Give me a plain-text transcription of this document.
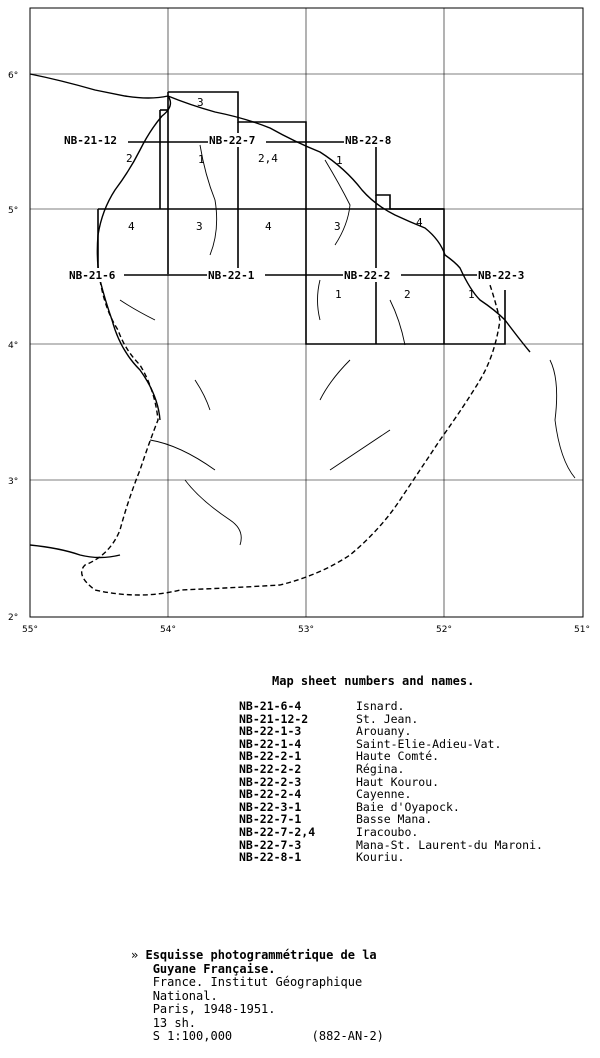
6°
5°
4°
3°
2°
55°	54°	53°	52°	51°
NB-21-12	NB-22-7	NB-22-8
NB-21-6	NB-22-1	NB-22-2	NB-22-3
3
2	1	2,4	1
4	3	4	3	4
1	2	1
Map sheet numbers and names.
NB-21-6-4	Isnard.
NB-21-12-2	St. Jean.
NB-22-1-3	Arouany.
NB-22-1-4	Saint-Elie-Adieu-Vat.
NB-22-2-1	Haute Comté.
NB-22-2-2	Régina.
NB-22-2-3	Haut Kourou.
NB-22-2-4	Cayenne.
NB-22-3-1	Baie d'Oyapock.
NB-22-7-1	Basse Mana.
NB-22-7-2,4	Iracoubo.
NB-22-7-3	Mana-St. Laurent-du Maroni.
NB-22-8-1	Kouriu.
» Esquisse photogrammétrique de la
Guyane Française.
France. Institut Géographique
National.
Paris, 1948-1951.
13 sh.
S 1:100,000	(882-AN-2)
